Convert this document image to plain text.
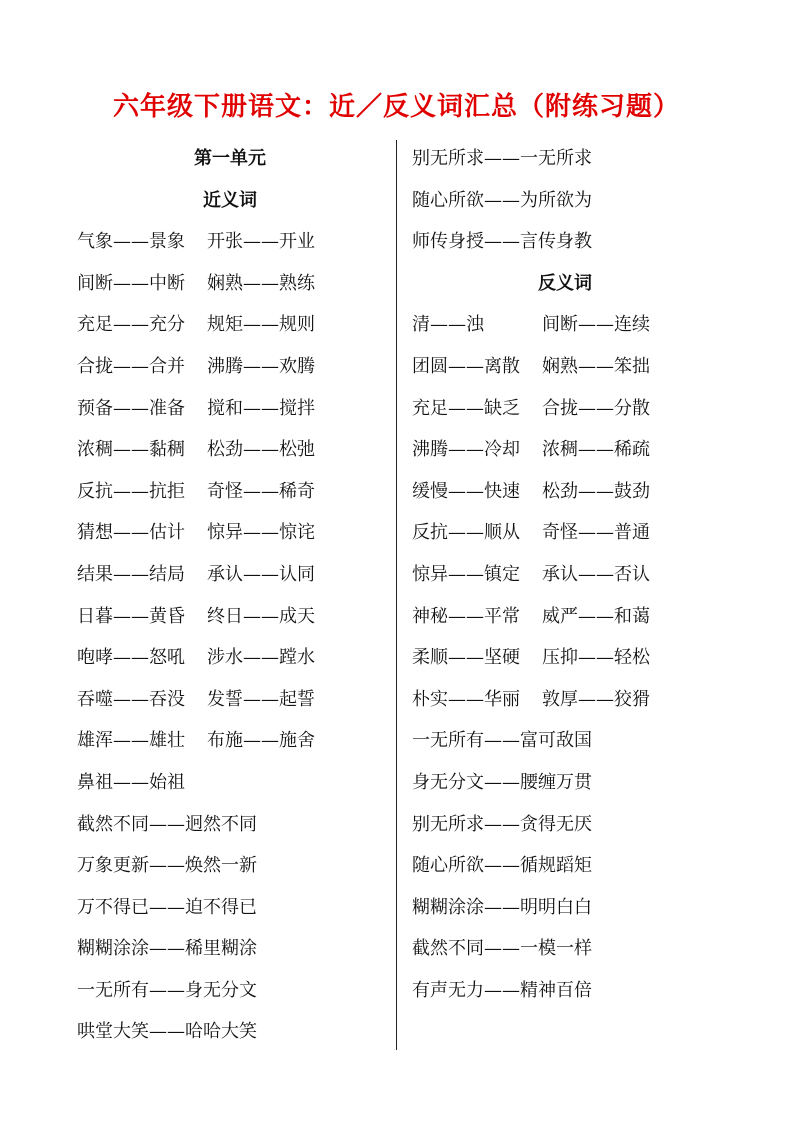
六年级下册语文：近／反义词汇总（附练习题）
第一单元
近义词
气象——景象 开张——开业
间断——中断 娴熟——熟练
充足——充分 规矩——规则
合拢——合并 沸腾——欢腾
预备——准备 搅和——搅拌
浓稠——黏稠 松劲——松弛
反抗——抗拒 奇怪——稀奇
猜想——估计 惊异——惊诧
结果——结局 承认——认同
日暮——黄昏 终日——成天
咆哮——怒吼 涉水——蹚水
吞噬——吞没 发誓——起誓
雄浑——雄壮 布施——施舍
鼻祖——始祖
截然不同——迥然不同
万象更新——焕然一新
万不得已——迫不得已
糊糊涂涂——稀里糊涂
一无所有——身无分文
哄堂大笑——哈哈大笑
别无所求——一无所求
随心所欲——为所欲为
师传身授——言传身教
反义词
清——浊	间断——连续
团圆——离散 娴熟——笨拙
充足——缺乏 合拢——分散
沸腾——冷却 浓稠——稀疏
缓慢——快速 松劲——鼓劲
反抗——顺从 奇怪——普通
惊异——镇定 承认——否认
神秘——平常 威严——和蔼
柔顺——坚硬 压抑——轻松
朴实——华丽 敦厚——狡猾
一无所有——富可敌国
身无分文——腰缠万贯
别无所求——贪得无厌
随心所欲——循规蹈矩
糊糊涂涂——明明白白
截然不同——一模一样
有声无力——精神百倍
